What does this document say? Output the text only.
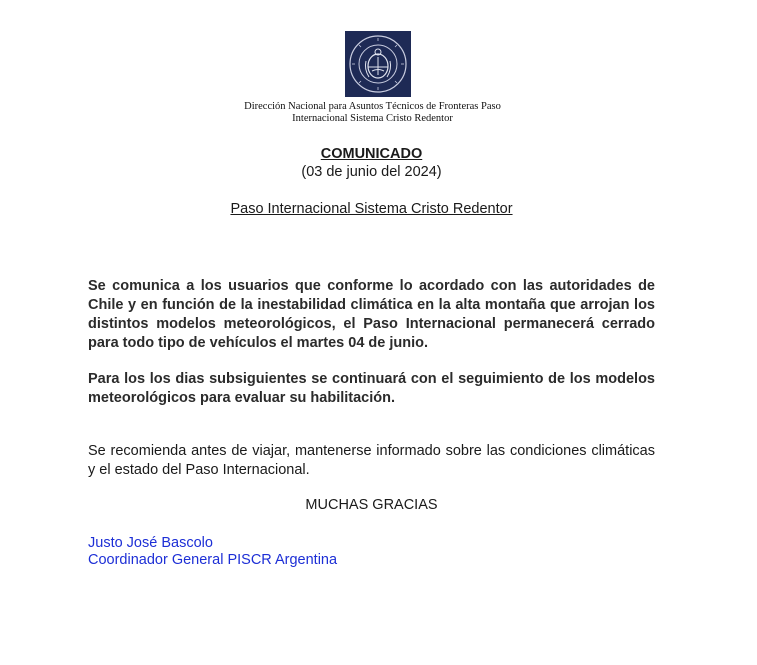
Dirección Nacional para Asuntos Técnicos de Fronteras Paso
Internacional Sistema Cristo Redentor
COMUNICADO
(03 de junio del 2024)
Paso Internacional Sistema Cristo Redentor
Se comunica a los usuarios que conforme lo acordado con las autoridades de Chile y en función de la inestabilidad climática en la alta montaña que arrojan los distintos modelos meteorológicos, el Paso Internacional permanecerá cerrado para todo tipo de vehículos el martes 04 de junio.
Para los los dias subsiguientes se continuará con el seguimiento de los modelos meteorológicos para evaluar su habilitación.
Se recomienda antes de viajar, mantenerse informado sobre las condiciones climáticas y el estado del Paso Internacional.
MUCHAS GRACIAS
Justo José Bascolo
Coordinador General PISCR Argentina
